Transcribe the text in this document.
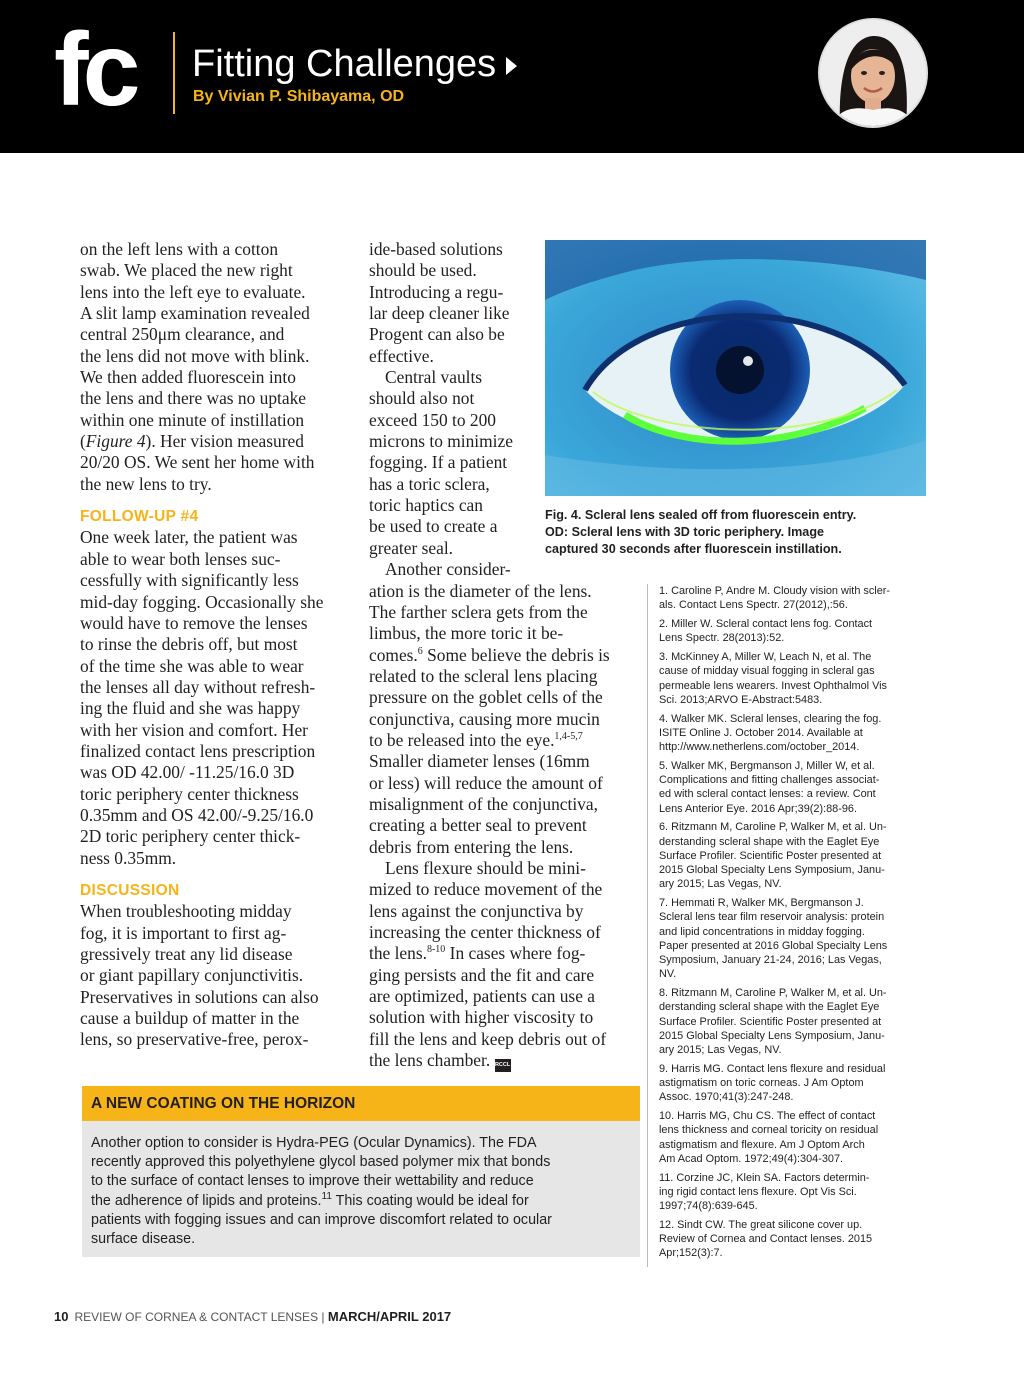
fc Fitting Challenges
By Vivian P. Shibayama, OD

on the left lens with a cotton

swab. We placed the new right

lens into the left eye to evaluate.

A slit lamp examination revealed

central 250μm clearance, and

the lens did not move with blink.

We then added fluorescein into

the lens and there was no uptake

within one minute of instillation

(Figure 4). Her vision measured

20/20 OS. We sent her home with

the new lens to try.

FOLLOW-UP #4

One week later, the patient was

able to wear both lenses suc-

cessfully with significantly less

mid-day fogging. Occasionally she

would have to remove the lenses

to rinse the debris off, but most

of the time she was able to wear

the lenses all day without refresh-

ing the fluid and she was happy

with her vision and comfort. Her

finalized contact lens prescription

was OD 42.00/ -11.25/16.0 3D

toric periphery center thickness

0.35mm and OS 42.00/-9.25/16.0

2D toric periphery center thick-

ness 0.35mm.

DISCUSSION

When troubleshooting midday

fog, it is important to first ag-

gressively treat any lid disease

or giant papillary conjunctivitis.

Preservatives in solutions can also

cause a buildup of matter in the

lens, so preservative-free, perox-

ide-based solutions

should be used.

Introducing a regu-

lar deep cleaner like

Progent can also be

effective.

Central vaults

should also not

exceed 150 to 200

microns to minimize

fogging. If a patient

has a toric sclera,

toric haptics can

be used to create a

greater seal.

Another consider-

ation is the diameter of the lens.

The farther sclera gets from the

limbus, the more toric it be-

comes.$^6$ Some believe the debris is

related to the scleral lens placing

pressure on the goblet cells of the

conjunctiva, causing more mucin

to be released into the eye.$^{1,4-5,7}$

Smaller diameter lenses (16mm

or less) will reduce the amount of

misalignment of the conjunctiva,

creating a better seal to prevent

debris from entering the lens.

Lens flexure should be mini-

mized to reduce movement of the

lens against the conjunctiva by

increasing the center thickness of

the lens.$^{8-10}$ In cases where fog-

ging persists and the fit and care

are optimized, patients can use a

solution with higher viscosity to

fill the lens and keep debris out of

the lens chamber. RCCL

Fig. 4. Scleral lens sealed off from fluorescein entry.

OD: Scleral lens with 3D toric periphery. Image

captured 30 seconds after fluorescein instillation.

1. Caroline P, Andre M. Cloudy vision with scler-

als. Contact Lens Spectr. 27(2012),:56.

2. Miller W. Scleral contact lens fog. Contact

Lens Spectr. 28(2013):52.

3. McKinney A, Miller W, Leach N, et al. The

cause of midday visual fogging in scleral gas

permeable lens wearers. Invest Ophthalmol Vis

Sci. 2013;ARVO E-Abstract:5483.

4. Walker MK. Scleral lenses, clearing the fog.

ISITE Online J. October 2014. Available at

http://www.netherlens.com/october_2014.

5. Walker MK, Bergmanson J, Miller W, et al.

Complications and fitting challenges associat-

ed with scleral contact lenses: a review. Cont

Lens Anterior Eye. 2016 Apr;39(2):88-96.

6. Ritzmann M, Caroline P, Walker M, et al. Un-

derstanding scleral shape with the Eaglet Eye

Surface Profiler. Scientific Poster presented at

2015 Global Specialty Lens Symposium, Janu-

ary 2015; Las Vegas, NV.

7. Hemmati R, Walker MK, Bergmanson J.

Scleral lens tear film reservoir analysis: protein

and lipid concentrations in midday fogging.

Paper presented at 2016 Global Specialty Lens

Symposium, January 21-24, 2016; Las Vegas,

NV.

8. Ritzmann M, Caroline P, Walker M, et al. Un-

derstanding scleral shape with the Eaglet Eye

Surface Profiler. Scientific Poster presented at

2015 Global Specialty Lens Symposium, Janu-

ary 2015; Las Vegas, NV.

9. Harris MG. Contact lens flexure and residual

astigmatism on toric corneas. J Am Optom

Assoc. 1970;41(3):247-248.

10. Harris MG, Chu CS. The effect of contact

lens thickness and corneal toricity on residual

astigmatism and flexure. Am J Optom Arch

Am Acad Optom. 1972;49(4):304-307.

11. Corzine JC, Klein SA. Factors determin-

ing rigid contact lens flexure. Opt Vis Sci.

1997;74(8):639-645.

12. Sindt CW. The great silicone cover up.

Review of Cornea and Contact lenses. 2015

Apr;152(3):7.

A NEW COATING ON THE HORIZON

Another option to consider is Hydra-PEG (Ocular Dynamics). The FDA

recently approved this polyethylene glycol based polymer mix that bonds

to the surface of contact lenses to improve their wettability and reduce

the adherence of lipids and proteins.$^{11}$ This coating would be ideal for

patients with fogging issues and can improve discomfort related to ocular

surface disease.

10 REVIEW OF CORNEA & CONTACT LENSES | MARCH/APRIL 2017
